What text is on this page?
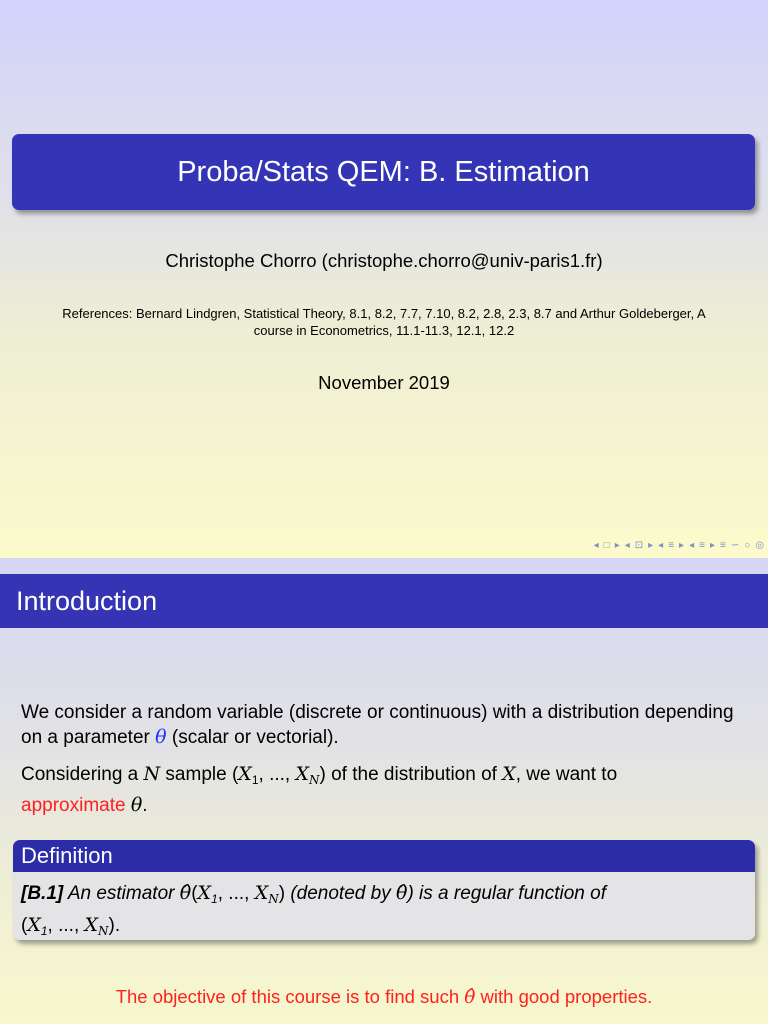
Proba/Stats QEM: B. Estimation
Christophe Chorro (christophe.chorro@univ-paris1.fr)
References: Bernard Lindgren, Statistical Theory, 8.1, 8.2, 7.7, 7.10, 8.2, 2.8, 2.3, 8.7 and Arthur Goldeberger, A course in Econometrics, 11.1-11.3, 12.1, 12.2
November 2019
◂ □ ▸ ◂ ⊡ ▸ ◂ ≡ ▸ ◂ ≡ ▸ ≡ ∽ ○ ◎
Introduction
We consider a random variable (discrete or continuous) with a distribution depending on a parameter θ (scalar or vectorial).
Considering a N sample ($X_1$, ..., $X_N$) of the distribution of X, we want to
approximate θ.
Definition
[B.1] An estimator $\thetâ(X_1$, ..., $X_N$) (denoted by θ̂) is a regular function of
($X_1$, ..., $X_N$).
The objective of this course is to find such θ̂ with good properties.
